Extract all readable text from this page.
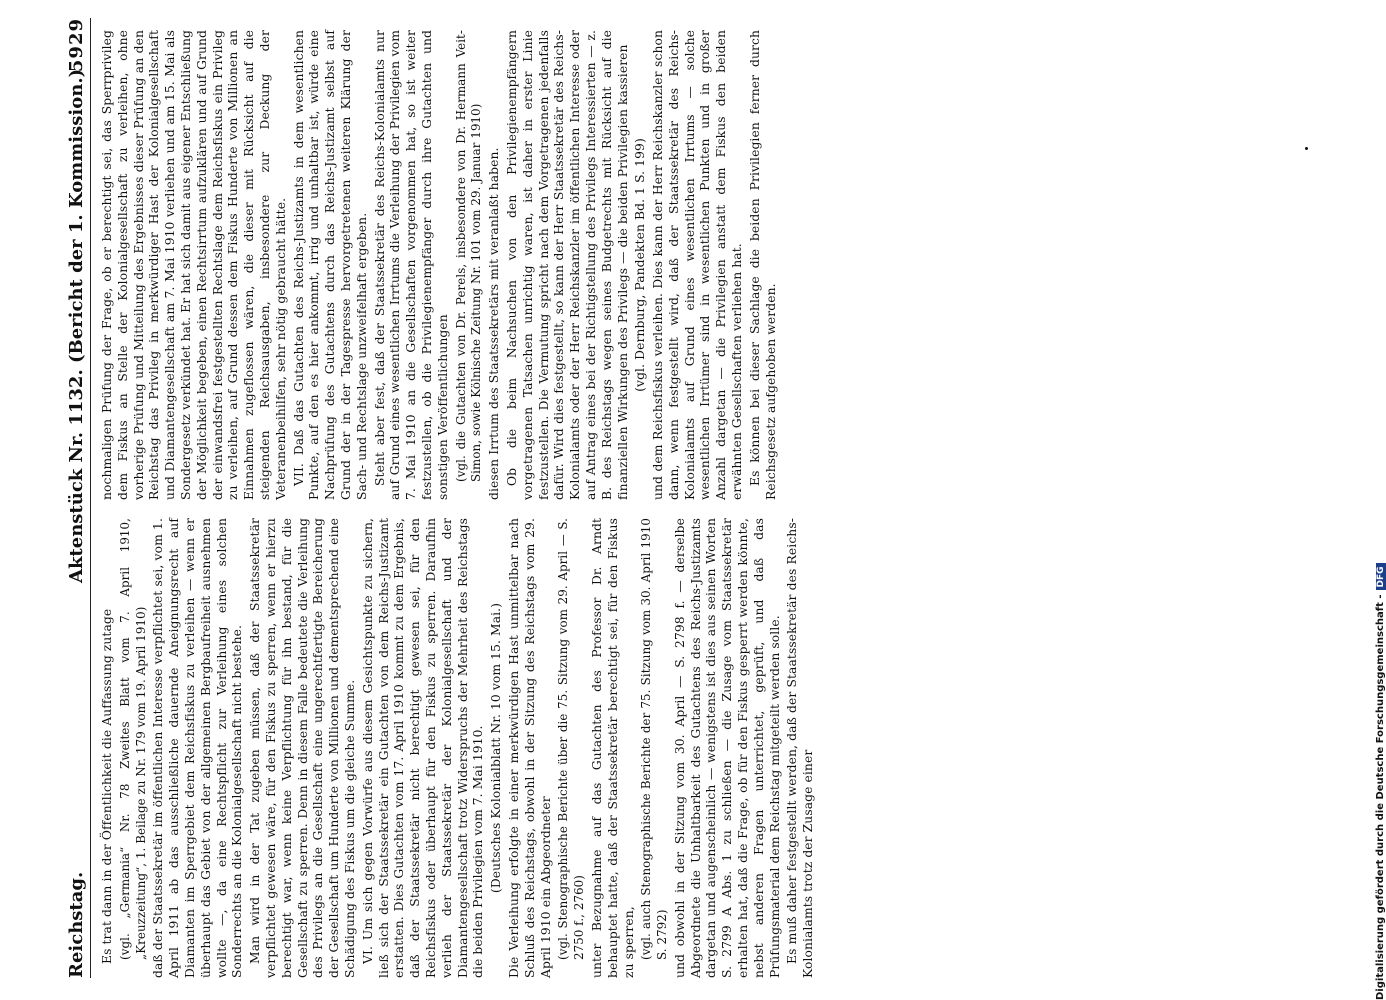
Reichstag.
Aktenstück Nr. 1132. (Bericht der 1. Kommission.)
5929

Es trat dann in der Öffentlichkeit die Auffassung zutage (vgl. „Germania“ Nr. 78 Zweites Blatt vom 7. April 1910, „Kreuzzeitung“, 1. Beilage zu Nr. 179 vom 19. April 1910) daß der Staatssekretär im öffentlichen Interesse verpflichtet sei, vom 1. April 1911 ab das ausschließliche dauernde Aneignungsrecht auf Diamanten im Sperrgebiet dem Reichsfiskus zu verleihen — wenn er überhaupt das Gebiet von der allgemeinen Bergbaufreiheit ausnehmen wollte —, da eine Rechtspflicht zur Verleihung eines solchen Sonderrechts an die Kolonialgesellschaft nicht bestehe. Man wird in der Tat zugeben müssen, daß der Staatssekretär verpflichtet gewesen wäre, für den Fiskus zu sperren, wenn er hierzu berechtigt war, wenn keine Verpflichtung für ihn bestand, für die Gesellschaft zu sperren. Denn in diesem Falle bedeutete die Verleihung des Privilegs an die Gesellschaft eine ungerechtfertigte Bereicherung der Gesellschaft um Hunderte von Millionen und dementsprechend eine Schädigung des Fiskus um die gleiche Summe. VI. Um sich gegen Vorwürfe aus diesem Gesichtspunkte zu sichern, ließ sich der Staatssekretär ein Gutachten von dem Reichs-Justizamt erstatten. Dies Gutachten vom 17. April 1910 kommt zu dem Ergebnis, daß der Staatssekretär nicht berechtigt gewesen sei, für den Reichsfiskus oder überhaupt für den Fiskus zu sperren. Daraufhin verlieh der Staatssekretär der Kolonialgesellschaft und der Diamantengesellschaft trotz Widerspruchs der Mehrheit des Reichstags die beiden Privilegien vom 7. Mai 1910. (Deutsches Kolonialblatt Nr. 10 vom 15. Mai.) Die Verleihung erfolgte in einer merkwürdigen Hast unmittelbar nach Schluß des Reichstags, obwohl in der Sitzung des Reichstags vom 29. April 1910 ein Abgeordneter (vgl. Stenographische Berichte über die 75. Sitzung vom 29. April — S. 2750 f., 2760) unter Bezugnahme auf das Gutachten des Professor Dr. Arndt behauptet hatte, daß der Staatssekretär berechtigt sei, für den Fiskus zu sperren, (vgl. auch Stenographische Berichte der 75. Sitzung vom 30. April 1910 S. 2792) und obwohl in der Sitzung vom 30. April — S. 2798 f. — derselbe Abgeordnete die Unhaltbarkeit des Gutachtens des Reichs-Justizamts dargetan und augenscheinlich — wenigstens ist dies aus seinen Worten S. 2799 A Abs. 1 zu schließen — die Zusage vom Staatssekretär erhalten hat, daß die Frage, ob für den Fiskus gesperrt werden könnte, nebst anderen Fragen unterrichtet, geprüft, und daß das Prüfungsmaterial dem Reichstag mitgeteilt werden solle. Es muß daher festgestellt werden, daß der Staatssekretär des Reichs-Kolonialamts trotz der Zusage einer

nochmaligen Prüfung der Frage, ob er berechtigt sei, das Sperrprivileg dem Fiskus an Stelle der Kolonialgesellschaft zu verleihen, ohne vorherige Prüfung und Mitteilung des Ergebnisses dieser Prüfung an den Reichstag das Privileg in merkwürdiger Hast der Kolonialgesellschaft und Diamantengesellschaft am 7. Mai 1910 verliehen und am 15. Mai als Sondergesetz verkündet hat. Er hat sich damit aus eigener Entschließung der Möglichkeit begeben, einen Rechtsirrtum aufzuklären und auf Grund der einwandsfrei festgestellten Rechtslage dem Reichsfiskus ein Privileg zu verleihen, auf Grund dessen dem Fiskus Hunderte von Millionen an Einnahmen zugeflossen wären, die dieser mit Rücksicht auf die steigenden Reichsausgaben, insbesondere zur Deckung der Veteranenbeihilfen, sehr nötig gebraucht hätte. VII. Daß das Gutachten des Reichs-Justizamts in dem wesentlichen Punkte, auf den es hier ankommt, irrig und unhaltbar ist, würde eine Nachprüfung des Gutachtens durch das Reichs-Justizamt selbst auf Grund der in der Tagespresse hervorgetretenen weiteren Klärung der Sach- und Rechtslage unzweifelhaft ergeben. Steht aber fest, daß der Staatssekretär des Reichs-Kolonialamts nur auf Grund eines wesentlichen Irrtums die Verleihung der Privilegien vom 7. Mai 1910 an die Gesellschaften vorgenommen hat, so ist weiter festzustellen, ob die Privilegienempfänger durch ihre Gutachten und sonstigen Veröffentlichungen (vgl. die Gutachten von Dr. Perels, insbesondere von Dr. Hermann Veit-Simon, sowie Kölnische Zeitung Nr. 101 vom 29. Januar 1910) diesen Irrtum des Staatssekretärs mit veranlaßt haben. Ob die beim Nachsuchen von den Privilegienempfängern vorgetragenen Tatsachen unrichtig waren, ist daher in erster Linie festzustellen. Die Vermutung spricht nach dem Vorgetragenen jedenfalls dafür. Wird dies festgestellt, so kann der Herr Staatssekretär des Reichs-Kolonialamts oder der Herr Reichskanzler im öffentlichen Interesse oder auf Antrag eines bei der Richtigstellung des Privilegs Interessierten — z. B. des Reichstags wegen seines Budgetrechts mit Rücksicht auf die finanziellen Wirkungen des Privilegs — die beiden Privilegien kassieren (vgl. Dernburg, Pandekten Bd. 1 S. 199) und dem Reichsfiskus verleihen. Dies kann der Herr Reichskanzler schon dann, wenn festgestellt wird, daß der Staatssekretär des Reichs-Kolonialamts auf Grund eines wesentlichen Irrtums — solche wesentlichen Irrtümer sind in wesentlichen Punkten und in großer Anzahl dargetan — die Privilegien anstatt dem Fiskus den beiden erwähnten Gesellschaften verliehen hat. Es können bei dieser Sachlage die beiden Privilegien ferner durch Reichsgesetz aufgehoben werden.

Digitalisierung gefördert durch die Deutsche Forschungsgemeinschaft -DFG
